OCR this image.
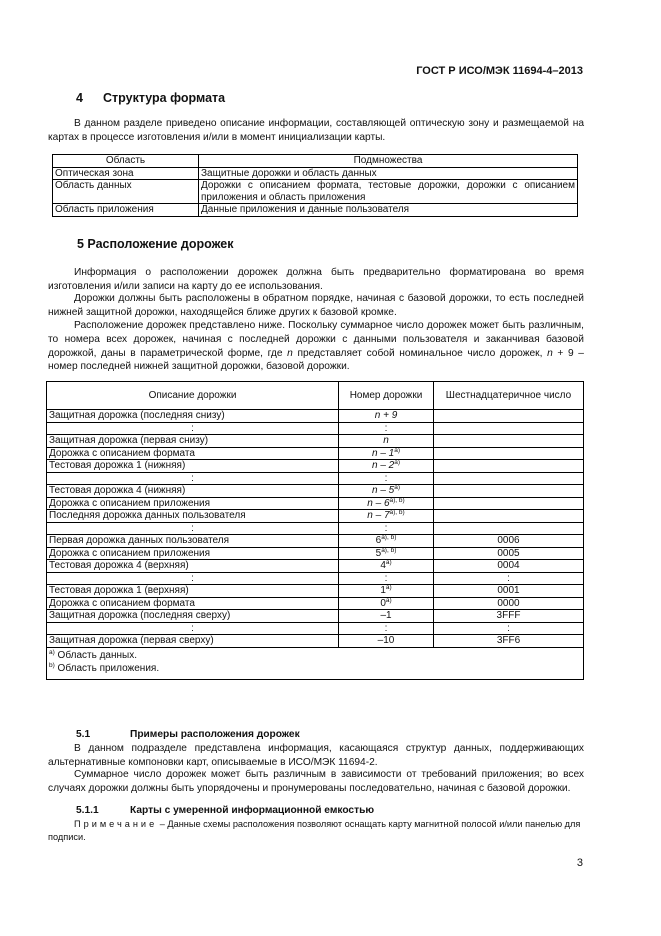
ГОСТ Р ИСО/МЭК 11694-4–2013
4 Структура формата
В данном разделе приведено описание информации, составляющей оптическую зону и размещаемой на картах в процессе изготовления и/или в момент инициализации карты.
Область	Подмножества
Оптическая зона	Защитные дорожки и область данных
Область данных	Дорожки с описанием формата, тестовые дорожки, дорожки с описанием приложения и область приложения
Область приложения	Данные приложения и данные пользователя
5 Расположение дорожек
Информация о расположении дорожек должна быть предварительно форматирована во время изготовления и/или записи на карту до ее использования.
Дорожки должны быть расположены в обратном порядке, начиная с базовой дорожки, то есть последней нижней защитной дорожки, находящейся ближе других к базовой кромке.
Расположение дорожек представлено ниже. Поскольку суммарное число дорожек может быть различным, то номера всех дорожек, начиная с последней дорожки с данными пользователя и заканчивая базовой дорожкой, даны в параметрической форме, где n представляет собой номинальное число дорожек, n + 9 – номер последней нижней защитной дорожки, базовой дорожки.
Описание дорожки	Номер дорожки	Шестнадцатеричное число
Защитная дорожка (последняя снизу)	n + 9	
:	:	
Защитная дорожка (первая снизу)	n	
Дорожка с описанием формата	n – 1$^{a)}$	
Тестовая дорожка 1 (нижняя)	n – 2$^{a)}$	
:	:	
Тестовая дорожка 4 (нижняя)	n – 5$^{a)}$	
Дорожка с описанием приложения	n – $6^{a), b)}$	
Последняя дорожка данных пользователя	n – $7^{a), b)}$	
:	:	
Первая дорожка данных пользователя	$6^{a), b)}$	0006
Дорожка с описанием приложения	$5^{a), b)}$	0005
Тестовая дорожка 4 (верхняя)	4$^{a)}$	0004
:	:	:
Тестовая дорожка 1 (верхняя)	1$^{a)}$	0001
Дорожка с описанием формата	0$^{a)}$	0000
Защитная дорожка (последняя сверху)	–1	3FFF
:	:	:
Защитная дорожка (первая сверху)	–10	3FF6
$^{a)}$ Область данных.		
$^{b)}$ Область приложения.		
5.1	Примеры расположения дорожек
В данном подразделе представлена информация, касающаяся структур данных, поддерживающих альтернативные компоновки карт, описываемые в ИСО/МЭК 11694-2.
Суммарное число дорожек может быть различным в зависимости от требований приложения; во всех случаях дорожки должны быть упорядочены и пронумерованы последовательно, начиная с базовой дорожки.
5.1.1	Карты с умеренной информационной емкостью
Примечание – Данные схемы расположения позволяют оснащать карту магнитной полосой и/или панелью для подписи.
3
